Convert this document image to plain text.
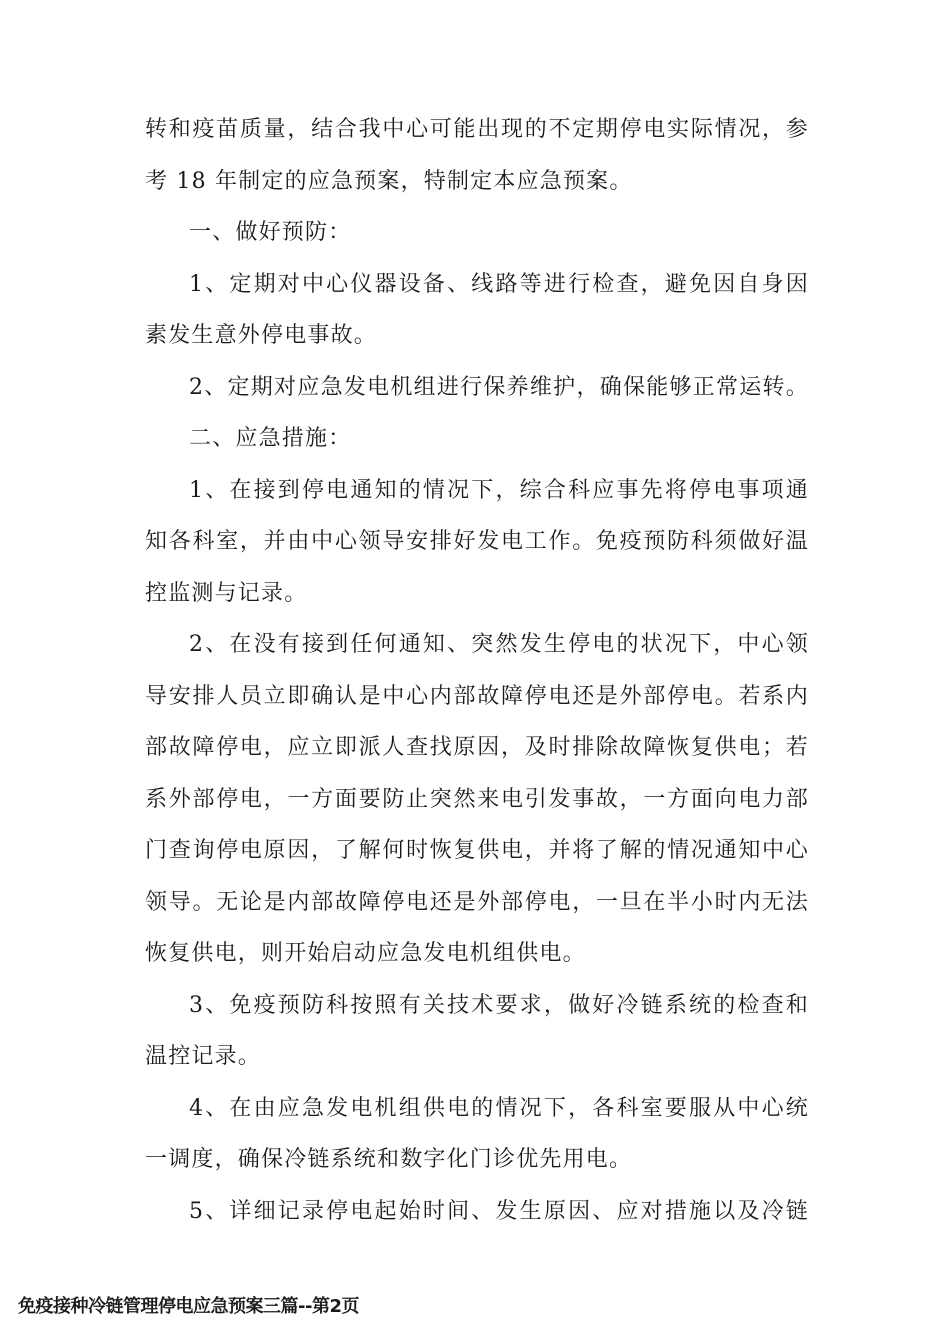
转和疫苗质量，结合我中心可能出现的不定期停电实际情况，参
考 18 年制定的应急预案，特制定本应急预案。
一、做好预防：
1、定期对中心仪器设备、线路等进行检查，避免因自身因
素发生意外停电事故。
2、定期对应急发电机组进行保养维护，确保能够正常运转。
二、应急措施：
1、在接到停电通知的情况下，综合科应事先将停电事项通
知各科室，并由中心领导安排好发电工作。免疫预防科须做好温
控监测与记录。
2、在没有接到任何通知、突然发生停电的状况下，中心领
导安排人员立即确认是中心内部故障停电还是外部停电。若系内
部故障停电，应立即派人查找原因，及时排除故障恢复供电；若
系外部停电，一方面要防止突然来电引发事故，一方面向电力部
门查询停电原因，了解何时恢复供电，并将了解的情况通知中心
领导。无论是内部故障停电还是外部停电，一旦在半小时内无法
恢复供电，则开始启动应急发电机组供电。
3、免疫预防科按照有关技术要求，做好冷链系统的检查和
温控记录。
4、在由应急发电机组供电的情况下，各科室要服从中心统
一调度，确保冷链系统和数字化门诊优先用电。
5、详细记录停电起始时间、发生原因、应对措施以及冷链
免疫接种冷链管理停电应急预案三篇--第2页
